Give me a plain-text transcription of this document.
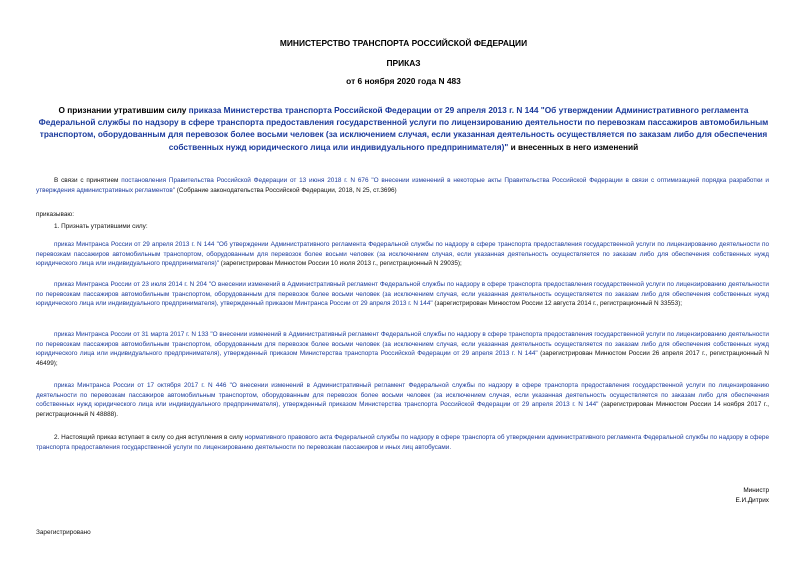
МИНИСТЕРСТВО ТРАНСПОРТА РОССИЙСКОЙ ФЕДЕРАЦИИ
ПРИКАЗ
от 6 ноября 2020 года N 483
О признании утратившим силу приказа Министерства транспорта Российской Федерации от 29 апреля 2013 г. N 144 "Об утверждении Административного регламента Федеральной службы по надзору в сфере транспорта предоставления государственной услуги по лицензированию деятельности по перевозкам пассажиров автомобильным транспортом, оборудованным для перевозок более восьми человек (за исключением случая, если указанная деятельность осуществляется по заказам либо для обеспечения собственных нужд юридического лица или индивидуального предпринимателя)" и внесенных в него изменений
В связи с принятием постановления Правительства Российской Федерации от 13 июня 2018 г. N 676 "О внесении изменений в некоторые акты Правительства Российской Федерации в связи с оптимизацией порядка разработки и утверждения административных регламентов" (Собрание законодательства Российской Федерации, 2018, N 25, ст.3696)
приказываю:
1. Признать утратившими силу:
приказ Минтранса России от 29 апреля 2013 г. N 144 "Об утверждении Административного регламента Федеральной службы по надзору в сфере транспорта предоставления государственной услуги по лицензированию деятельности по перевозкам пассажиров автомобильным транспортом, оборудованным для перевозок более восьми человек (за исключением случая, если указанная деятельность осуществляется по заказам либо для обеспечения собственных нужд юридического лица или индивидуального предпринимателя)" (зарегистрирован Минюстом России 10 июля 2013 г., регистрационный N 29035);
приказ Минтранса России от 23 июля 2014 г. N 204 "О внесении изменений в Административный регламент Федеральной службы по надзору в сфере транспорта предоставления государственной услуги по лицензированию деятельности по перевозкам пассажиров автомобильным транспортом, оборудованным для перевозок более восьми человек (за исключением случая, если указанная деятельность осуществляется по заказам либо для обеспечения собственных нужд юридического лица или индивидуального предпринимателя), утвержденный приказом Минтранса России от 29 апреля 2013 г. N 144" (зарегистрирован Минюстом России 12 августа 2014 г., регистрационный N 33553);
приказ Минтранса России от 31 марта 2017 г. N 133 "О внесении изменений в Административный регламент Федеральной службы по надзору в сфере транспорта предоставления государственной услуги по лицензированию деятельности по перевозкам пассажиров автомобильным транспортом, оборудованным для перевозок более восьми человек (за исключением случая, если указанная деятельность осуществляется по заказам либо для обеспечения собственных нужд юридического лица или индивидуального предпринимателя), утвержденный приказом Министерства транспорта Российской Федерации от 29 апреля 2013 г. N 144" (зарегистрирован Минюстом России 26 апреля 2017 г., регистрационный N 46499);
приказ Минтранса России от 17 октября 2017 г. N 446 "О внесении изменений в Административный регламент Федеральной службы по надзору в сфере транспорта предоставления государственной услуги по лицензированию деятельности по перевозкам пассажиров автомобильным транспортом, оборудованным для перевозок более восьми человек (за исключением случая, если указанная деятельность осуществляется по заказам либо для обеспечения собственных нужд юридического лица или индивидуального предпринимателя), утвержденный приказом Министерства транспорта Российской Федерации от 29 апреля 2013 г. N 144" (зарегистрирован Минюстом России 14 ноября 2017 г., регистрационный N 48888).
2. Настоящий приказ вступает в силу со дня вступления в силу нормативного правового акта Федеральной службы по надзору в сфере транспорта об утверждении административного регламента Федеральной службы по надзору в сфере транспорта предоставления государственной услуги по лицензированию деятельности по перевозкам пассажиров и иных лиц автобусами.
Министр
Е.И.Дитрих
Зарегистрировано
